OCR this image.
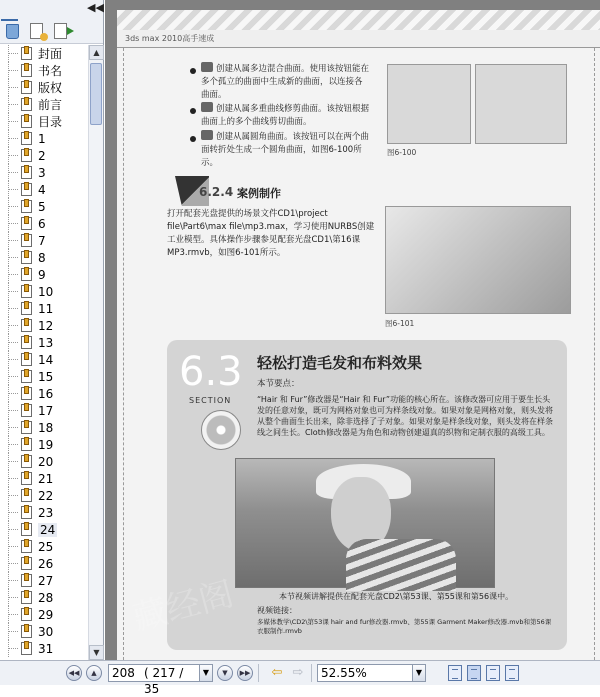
◀◀
封面
书名
版权
前言
目录
1
2
3
4
5
6
7
8
9
10
11
12
13
14
15
16
17
18
19
20
21
22
23
24
25
26
27
28
29
30
31
▲
▼
3ds max 2010高手速成
创建从属多边混合曲面。使用该按钮能在多个孤立的曲面中生成新的曲面，以连接各曲面。
创建从属多重曲线修剪曲面。该按钮根据曲面上的多个曲线剪切曲面。
创建从属圆角曲面。该按钮可以在两个曲面转折处生成一个圆角曲面，如图6-100所示。
图6-100
6.2.4 案例制作
打开配套光盘提供的场景文件CD1\project file\Part6\max file\mp3.max，学习使用NURBS创建工业模型。具体操作步骤参见配套光盘CD1\第16课MP3.rmvb，如图6-101所示。
图6-101
6.3
SECTION
轻松打造毛发和布料效果
本节要点：
“Hair 和 Fur”修改器是“Hair 和 Fur”功能的核心所在。该修改器可应用于要生长头发的任意对象，既可为网格对象也可为样条线对象。如果对象是网格对象，则头发将从整个曲面生长出来，除非选择了子对象。如果对象是样条线对象，则头发将在样条线之间生长。Cloth修改器是为角色和动物创建逼真的织物和定制衣服的高级工具。
本节视频讲解提供在配套光盘CD2\第53课、第55课和第56课中。
视频链接：
多媒体教学\CD2\第53课 hair and fur修改器.rmvb、第55课 Garment Maker修改器.mvb和第56课 衣服制作.rmvb
藏经阁
◀◀	▲	208 ( 217 / 35
▼	▼	▶▶ ⇦ ⇨	52.55%	▼
